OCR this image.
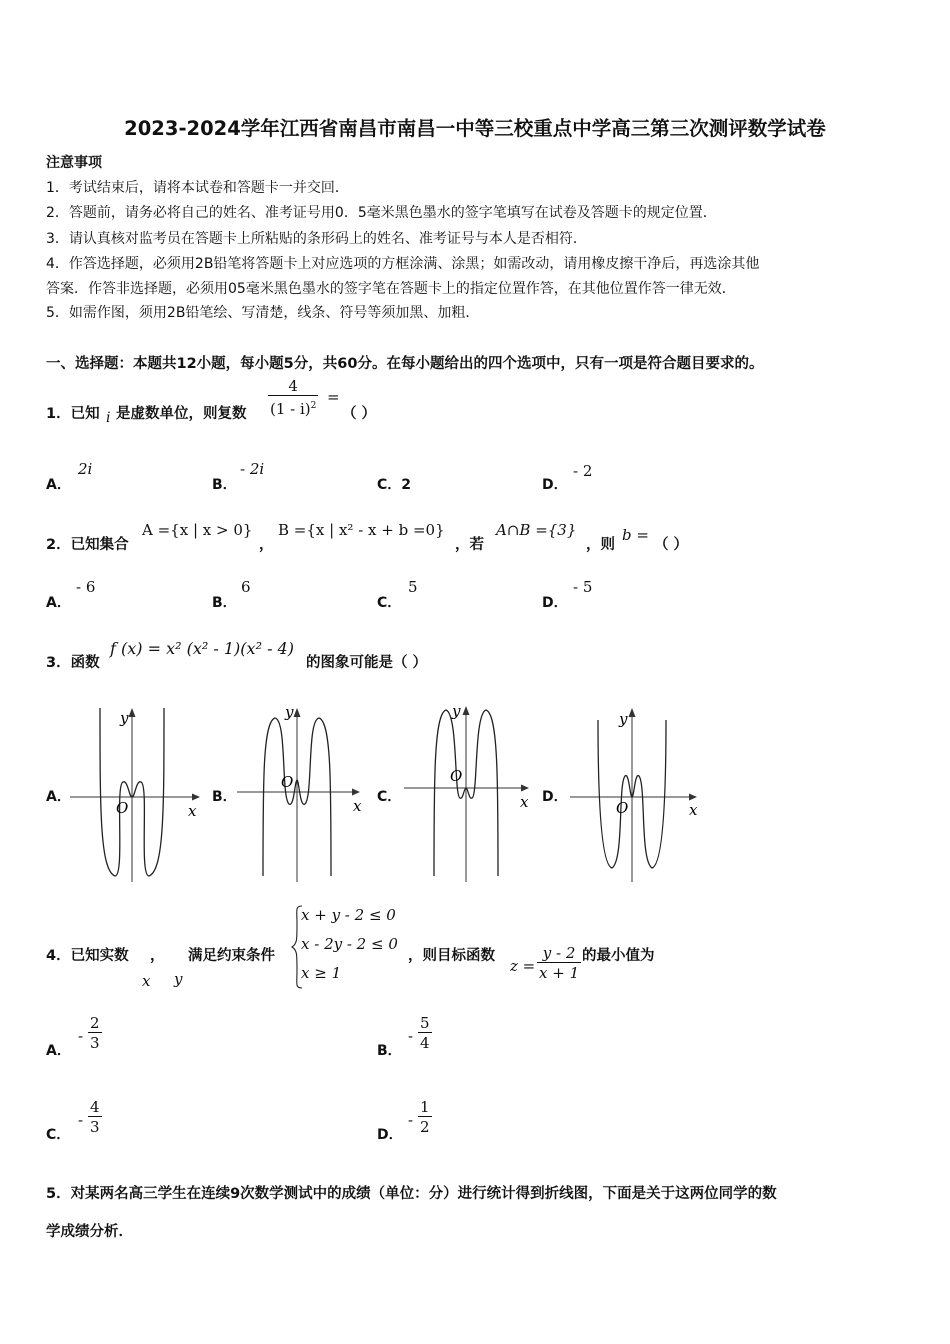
2023-2024学年江西省南昌市南昌一中等三校重点中学高三第三次测评数学试卷
注意事项
1．考试结束后，请将本试卷和答题卡一并交回．
2．答题前，请务必将自己的姓名、准考证号用0．5毫米黑色墨水的签字笔填写在试卷及答题卡的规定位置．
3．请认真核对监考员在答题卡上所粘贴的条形码上的姓名、准考证号与本人是否相符．
4．作答选择题，必须用2B铅笔将答题卡上对应选项的方框涂满、涂黑；如需改动，请用橡皮擦干净后，再选涂其他
答案．作答非选择题，必须用05毫米黑色墨水的签字笔在答题卡上的指定位置作答，在其他位置作答一律无效．
5．如需作图，须用2B铅笔绘、写清楚，线条、符号等须加黑、加粗．
一、选择题：本题共12小题，每小题5分，共60分。在每小题给出的四个选项中，只有一项是符合题目要求的。
1．已知 i 是虚数单位，则复数 $\frac{4}{(1 - i)^2}$ =
（ ）
A．
2i
B．
- 2i
C．2	D．
- 2
2．已知集合
A ={x | x > 0}
，
B ={x | x² - x + b =0}
，若
A∩B ={3}
，则
b =
（ ）
A．
- 6
B．
6
C．
5
D．
- 5
3．函数
f (x) = x² (x² - 1)(x² - 4)
的图象可能是（ ）
A．	B．	C．	D．
y
x
O
y
x
O
y
x
O
y
x
O
4．已知实数 ， 满足约束条件
x y
x + y - 2 ≤ 0
x - 2y - 2 ≤ 0
x ≥ 1
，则目标函数
$z = \frac{y - 2}{x + 1}$ 的最小值为
A．
- $\frac{2}{3}$	B．
- $\frac{5}{4}$
C．
- $\frac{4}{3}$	D．
- $\frac{1}{2}$
5．对某两名高三学生在连续9次数学测试中的成绩（单位：分）进行统计得到折线图，下面是关于这两位同学的数
学成绩分析．
